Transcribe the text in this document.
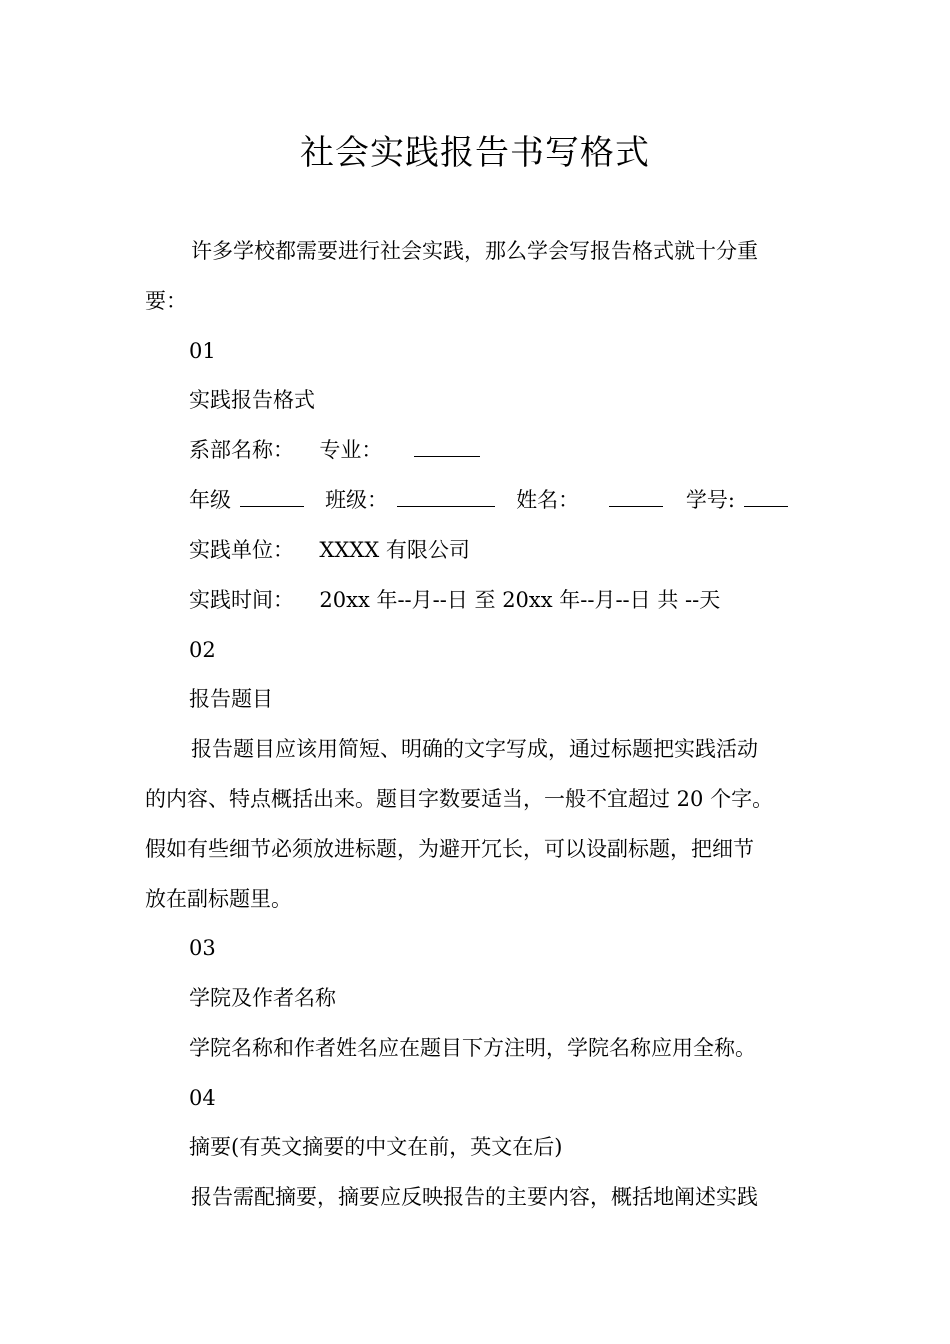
社会实践报告书写格式
许多学校都需要进行社会实践，那么学会写报告格式就十分重
要：
01
实践报告格式
系部名称： 专业：
年级	班级：	姓名：	学号:
实践单位： XXXX 有限公司
实践时间： 20xx 年--月--日 至 20xx 年--月--日 共 --天
02
报告题目
报告题目应该用简短、明确的文字写成，通过标题把实践活动
的内容、特点概括出来。题目字数要适当，一般不宜超过 20 个字。
假如有些细节必须放进标题，为避开冗长，可以设副标题，把细节
放在副标题里。
03
学院及作者名称
学院名称和作者姓名应在题目下方注明，学院名称应用全称。
04
摘要(有英文摘要的中文在前，英文在后)
报告需配摘要，摘要应反映报告的主要内容，概括地阐述实践
